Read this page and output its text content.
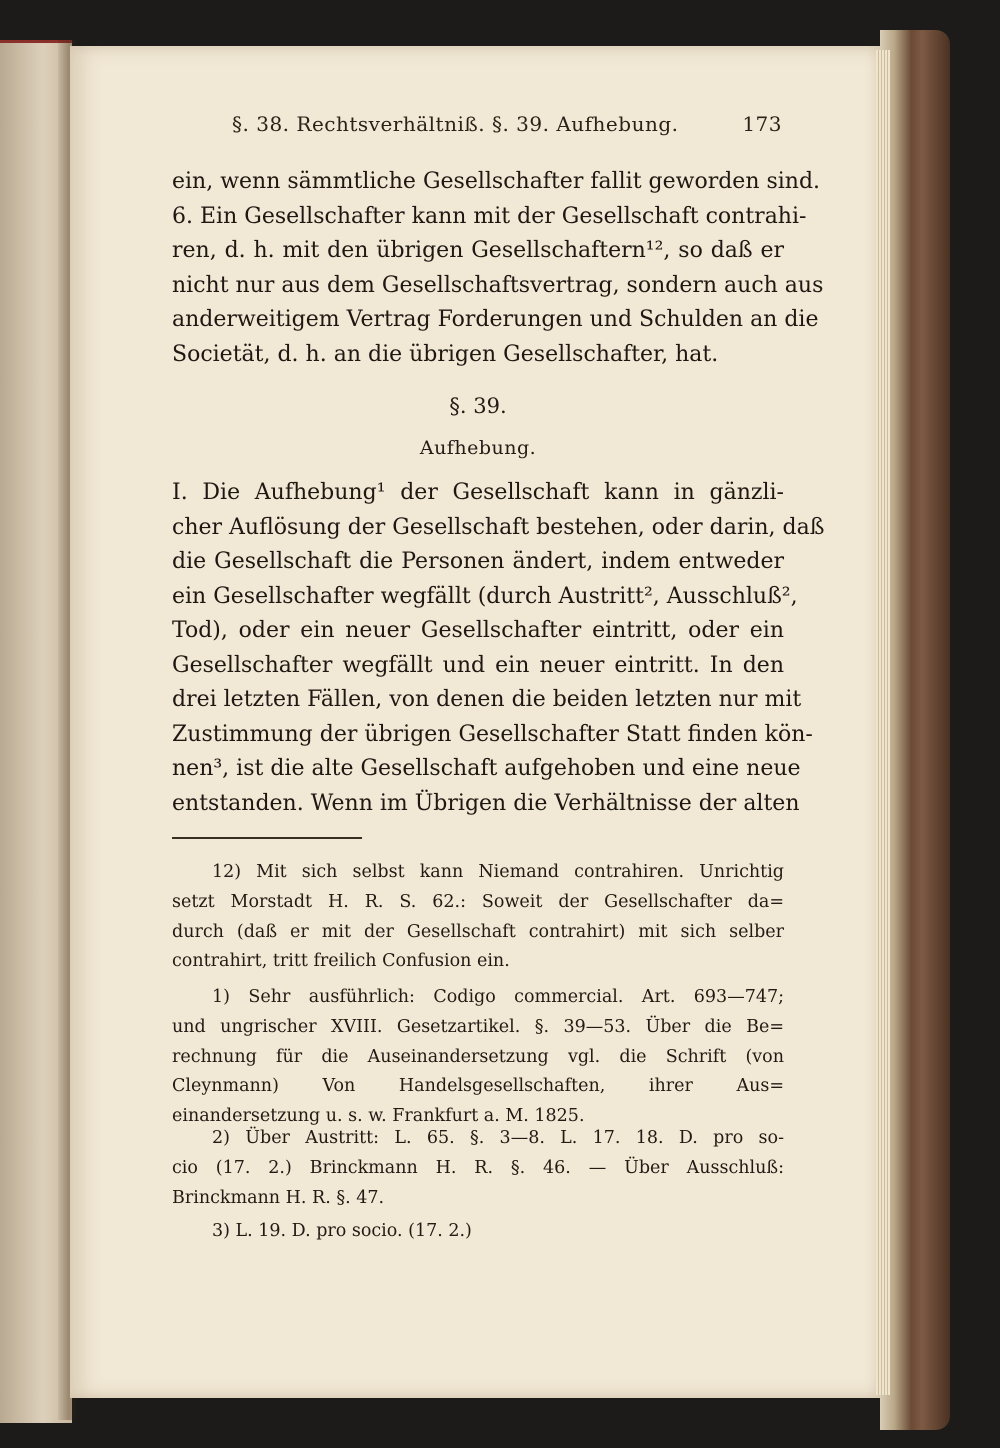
§. 38. Rechtsverhältniß. §. 39. Aufhebung.	173
ein, wenn sämmtliche Gesellschafter fallit geworden sind.
6. Ein Gesellschafter kann mit der Gesellschaft contrahi-
ren, d. h. mit den übrigen Gesellschaftern¹², so daß er
nicht nur aus dem Gesellschaftsvertrag, sondern auch aus
anderweitigem Vertrag Forderungen und Schulden an die
Societät, d. h. an die übrigen Gesellschafter, hat.
§. 39.
Aufhebung.
I. Die Aufhebung¹ der Gesellschaft kann in gänzli-
cher Auflösung der Gesellschaft bestehen, oder darin, daß
die Gesellschaft die Personen ändert, indem entweder
ein Gesellschafter wegfällt (durch Austritt², Ausschluß²,
Tod), oder ein neuer Gesellschafter eintritt, oder ein
Gesellschafter wegfällt und ein neuer eintritt. In den
drei letzten Fällen, von denen die beiden letzten nur mit
Zustimmung der übrigen Gesellschafter Statt finden kön-
nen³, ist die alte Gesellschaft aufgehoben und eine neue
entstanden. Wenn im Übrigen die Verhältnisse der alten
12) Mit sich selbst kann Niemand contrahiren. Unrichtig
setzt Morstadt H. R. S. 62.: Soweit der Gesellschafter da=
durch (daß er mit der Gesellschaft contrahirt) mit sich selber
contrahirt, tritt freilich Confusion ein.
1) Sehr ausführlich: Codigo commercial. Art. 693—747;
und ungrischer XVIII. Gesetzartikel. §. 39—53. Über die Be=
rechnung für die Auseinandersetzung vgl. die Schrift (von
Cleynmann) Von Handelsgesellschaften, ihrer Aus=
einandersetzung u. s. w. Frankfurt a. M. 1825.
2) Über Austritt: L. 65. §. 3—8. L. 17. 18. D. pro so-
cio (17. 2.) Brinckmann H. R. §. 46. — Über Ausschluß:
Brinckmann H. R. §. 47.
3) L. 19. D. pro socio. (17. 2.)
